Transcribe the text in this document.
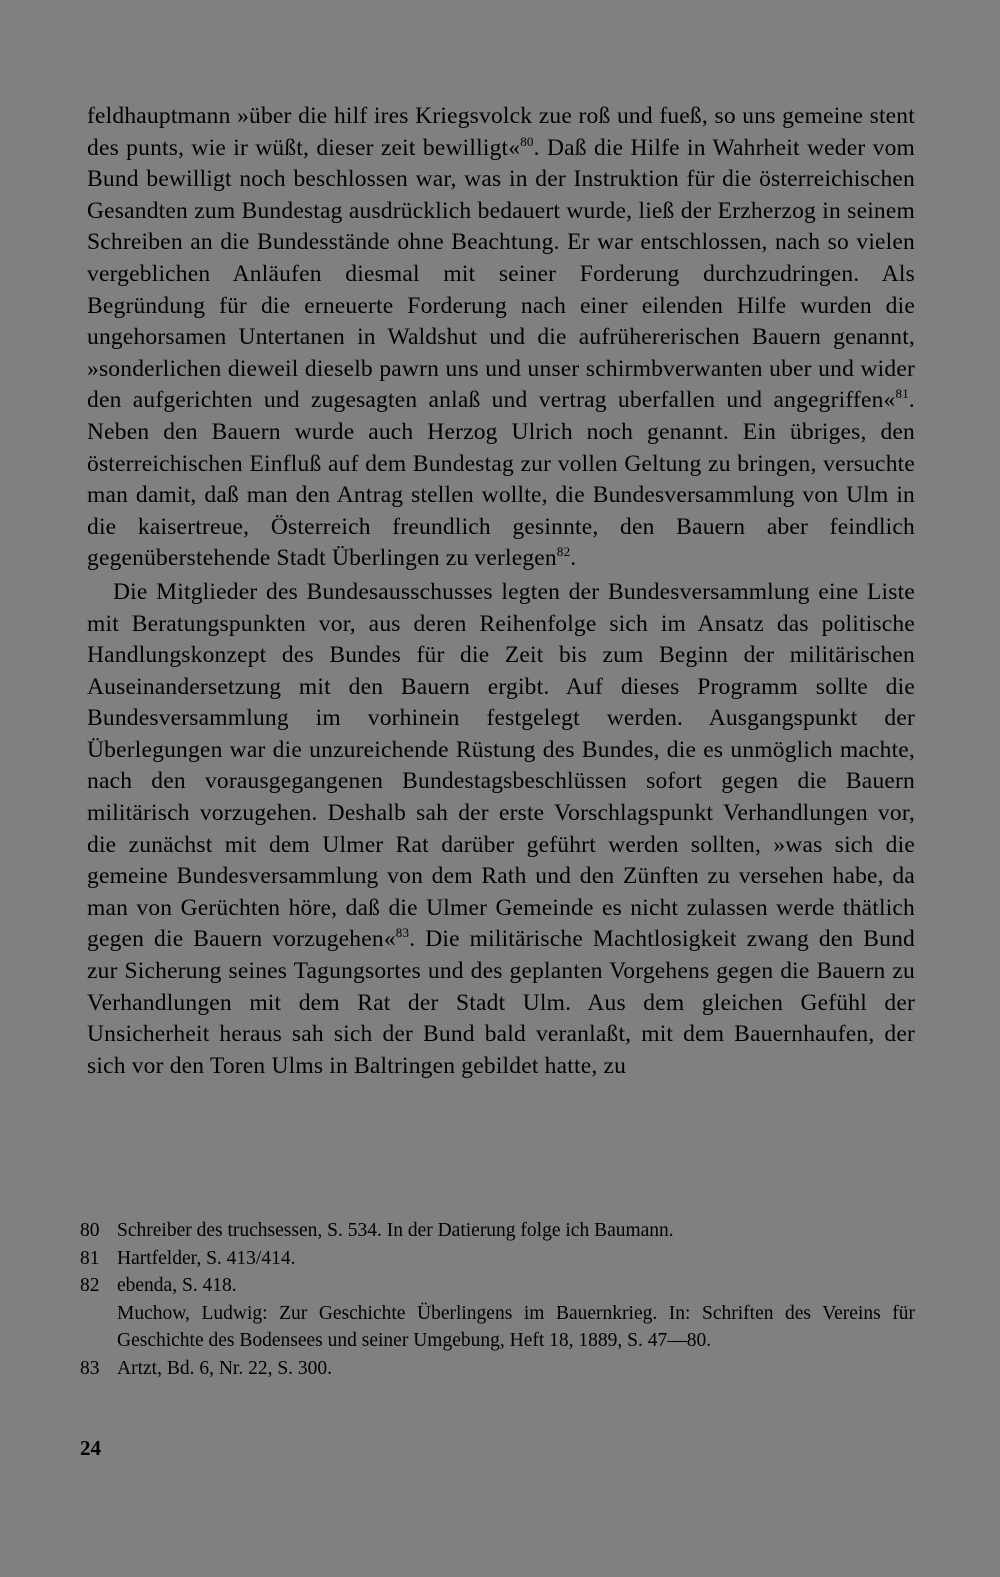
feldhauptmann »über die hilf ires Kriegsvolck zue roß und fueß, so uns gemeine stent des punts, wie ir wüßt, dieser zeit bewilligt«$^{80}$. Daß die Hilfe in Wahrheit weder vom Bund bewilligt noch beschlossen war, was in der Instruktion für die österreichischen Gesandten zum Bundestag ausdrücklich bedauert wurde, ließ der Erzherzog in seinem Schreiben an die Bundesstände ohne Beachtung. Er war entschlossen, nach so vielen vergeblichen Anläufen diesmal mit seiner Forderung durchzudringen. Als Begründung für die erneuerte Forderung nach einer eilenden Hilfe wurden die ungehorsamen Untertanen in Waldshut und die aufrühererischen Bauern genannt, »sonderlichen dieweil dieselb pawrn uns und unser schirmbverwanten uber und wider den aufgerichten und zugesagten anlaß und vertrag uberfallen und angegriffen«$^{81}$. Neben den Bauern wurde auch Herzog Ulrich noch genannt. Ein übriges, den österreichischen Einfluß auf dem Bundestag zur vollen Geltung zu bringen, versuchte man damit, daß man den Antrag stellen wollte, die Bundesversammlung von Ulm in die kaisertreue, Österreich freundlich gesinnte, den Bauern aber feindlich gegenüberstehende Stadt Überlingen zu verlegen$^{82}$.

Die Mitglieder des Bundesausschusses legten der Bundesversammlung eine Liste mit Beratungspunkten vor, aus deren Reihenfolge sich im Ansatz das politische Handlungskonzept des Bundes für die Zeit bis zum Beginn der militärischen Auseinandersetzung mit den Bauern ergibt. Auf dieses Programm sollte die Bundesversammlung im vorhinein festgelegt werden. Ausgangspunkt der Überlegungen war die unzureichende Rüstung des Bundes, die es unmöglich machte, nach den vorausgegangenen Bundestagsbeschlüssen sofort gegen die Bauern militärisch vorzugehen. Deshalb sah der erste Vorschlagspunkt Verhandlungen vor, die zunächst mit dem Ulmer Rat darüber geführt werden sollten, »was sich die gemeine Bundesversammlung von dem Rath und den Zünften zu versehen habe, da man von Gerüchten höre, daß die Ulmer Gemeinde es nicht zulassen werde thätlich gegen die Bauern vorzugehen«$^{83}$. Die militärische Machtlosigkeit zwang den Bund zur Sicherung seines Tagungsortes und des geplanten Vorgehens gegen die Bauern zu Verhandlungen mit dem Rat der Stadt Ulm. Aus dem gleichen Gefühl der Unsicherheit heraus sah sich der Bund bald veranlaßt, mit dem Bauernhaufen, der sich vor den Toren Ulms in Baltringen gebildet hatte, zu

80 Schreiber des truchsessen, S. 534. In der Datierung folge ich Baumann.
81 Hartfelder, S. 413/414.
82 ebenda, S. 418.
Muchow, Ludwig: Zur Geschichte Überlingens im Bauernkrieg. In: Schriften des Vereins für Geschichte des Bodensees und seiner Umgebung, Heft 18, 1889, S. 47—80.
83 Artzt, Bd. 6, Nr. 22, S. 300.
24
